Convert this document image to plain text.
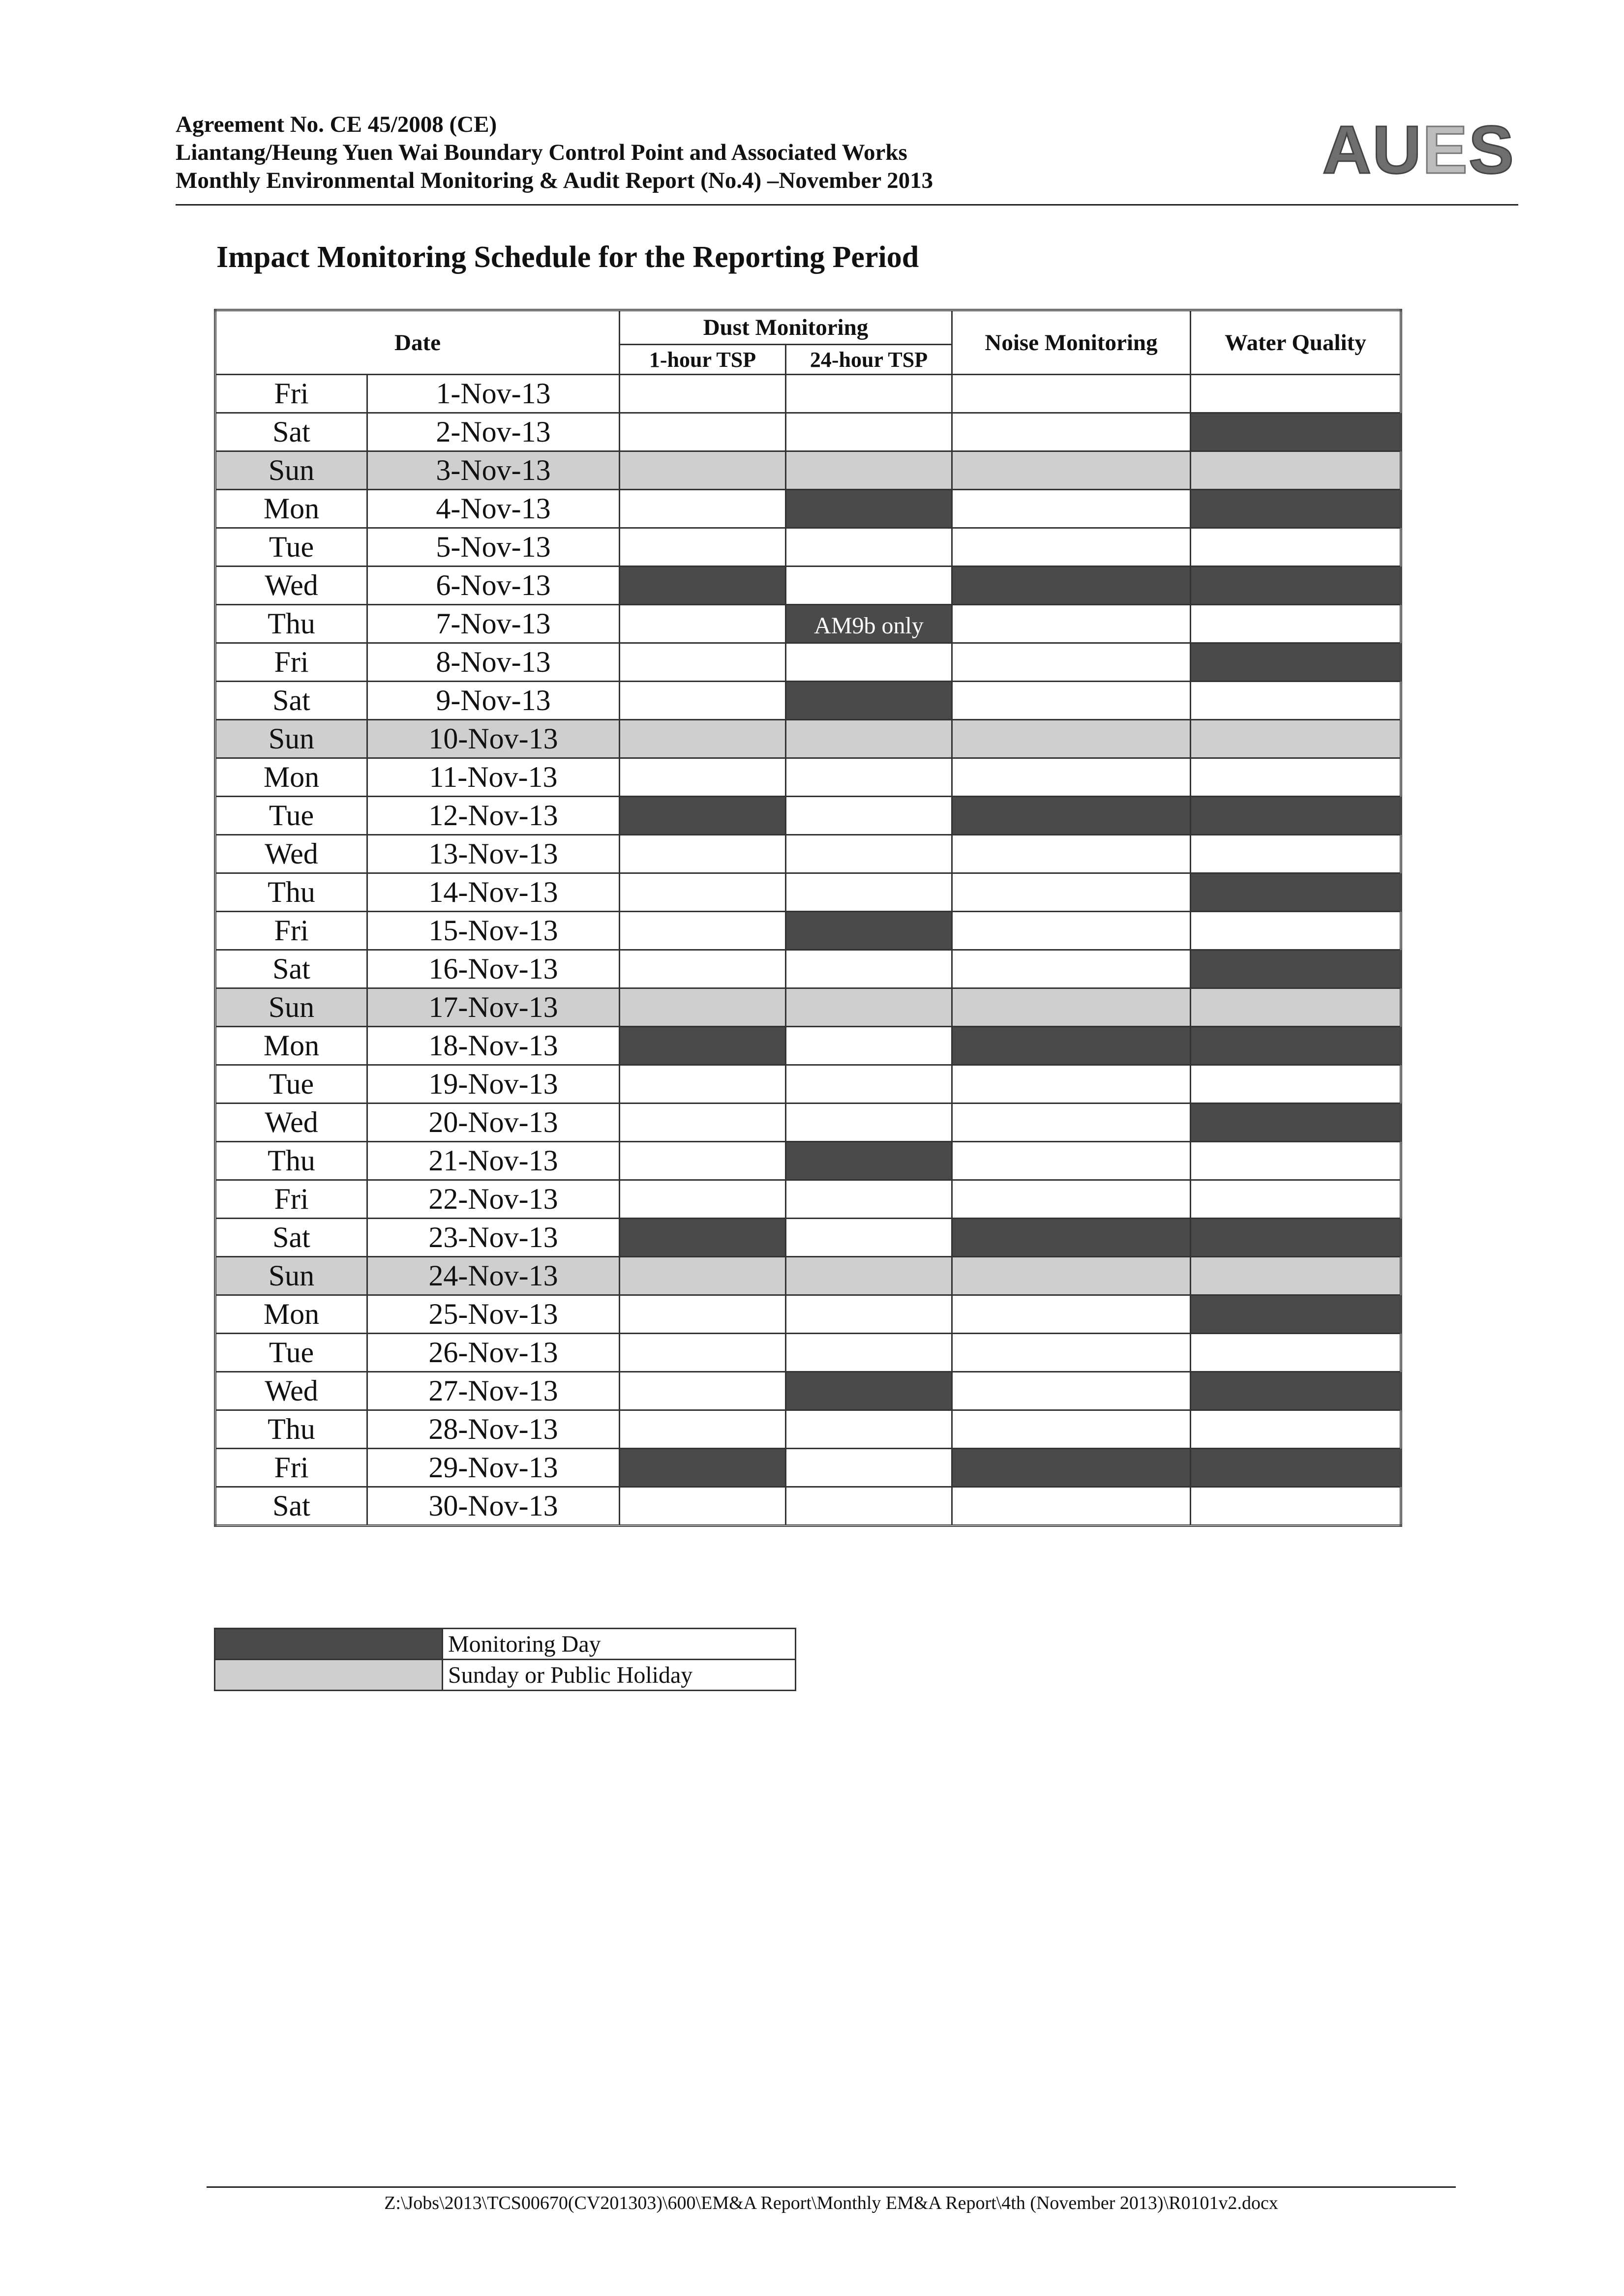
Agreement No. CE 45/2008 (CE)
Liantang/Heung Yuen Wai Boundary Control Point and Associated Works
Monthly Environmental Monitoring & Audit Report (No.4) –November 2013	AUES
Impact Monitoring Schedule for the Reporting Period
Date		Dust Monitoring		Noise Monitoring	Water Quality
		1-hour TSP	24-hour TSP		
Fri	1-Nov-13				
Sat	2-Nov-13				
Sun	3-Nov-13				
Mon	4-Nov-13				
Tue	5-Nov-13				
Wed	6-Nov-13				
Thu	7-Nov-13		AM9b only		
Fri	8-Nov-13				
Sat	9-Nov-13				
Sun	10-Nov-13				
Mon	11-Nov-13				
Tue	12-Nov-13				
Wed	13-Nov-13				
Thu	14-Nov-13				
Fri	15-Nov-13				
Sat	16-Nov-13				
Sun	17-Nov-13				
Mon	18-Nov-13				
Tue	19-Nov-13				
Wed	20-Nov-13				
Thu	21-Nov-13				
Fri	22-Nov-13				
Sat	23-Nov-13				
Sun	24-Nov-13				
Mon	25-Nov-13				
Tue	26-Nov-13				
Wed	27-Nov-13				
Thu	28-Nov-13				
Fri	29-Nov-13				
Sat	30-Nov-13				
	Monitoring Day
	Sunday or Public Holiday
Z:\Jobs\2013\TCS00670(CV201303)\600\EM&A Report\Monthly EM&A Report\4th (November 2013)\R0101v2.docx
